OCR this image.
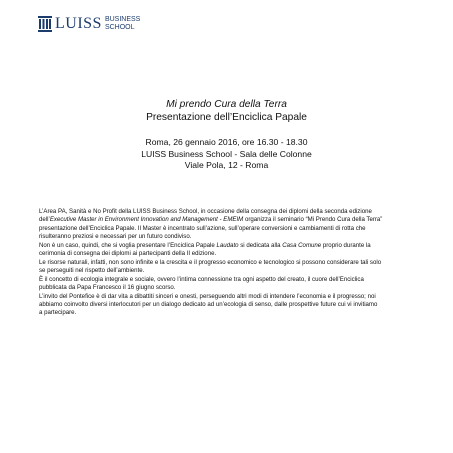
LUISS BUSINESS
SCHOOL
Mi prendo Cura della Terra
Presentazione dell’Enciclica Papale
Roma, 26 gennaio 2016, ore 16.30 - 18.30
LUISS Business School - Sala delle Colonne
Viale Pola, 12 - Roma

L’Area PA, Sanità e No Profit della LUISS Business School, in occasione della consegna dei diplomi della seconda edizione
dell’Executive Master in Environment Innovation and Management - EMEIM organizza il seminario “Mi Prendo Cura della Terra”
presentazione dell’Enciclica Papale. Il Master è incentrato sull’azione, sull’operare conversioni e cambiamenti di rotta che
risulteranno preziosi e necessari per un futuro condiviso.

Non è un caso, quindi, che si voglia presentare l’Enciclica Papale Laudato si dedicata alla Casa Comune proprio durante la
cerimonia di consegna dei diplomi ai partecipanti della II edizione.

Le risorse naturali, infatti, non sono infinite e la crescita e il progresso economico e tecnologico si possono considerare tali solo
se perseguiti nel rispetto dell’ambiente.

È il concetto di ecologia integrale e sociale, ovvero l’intima connessione tra ogni aspetto del creato, il cuore dell’Enciclica
pubblicata da Papa Francesco il 16 giugno scorso.

L’invito del Pontefice è di dar vita a dibattiti sinceri e onesti, perseguendo altri modi di intendere l’economia e il progresso; noi
abbiamo coinvolto diversi interlocutori per un dialogo dedicato ad un’ecologia di senso, dalle prospettive future cui vi invitiamo
a partecipare.
